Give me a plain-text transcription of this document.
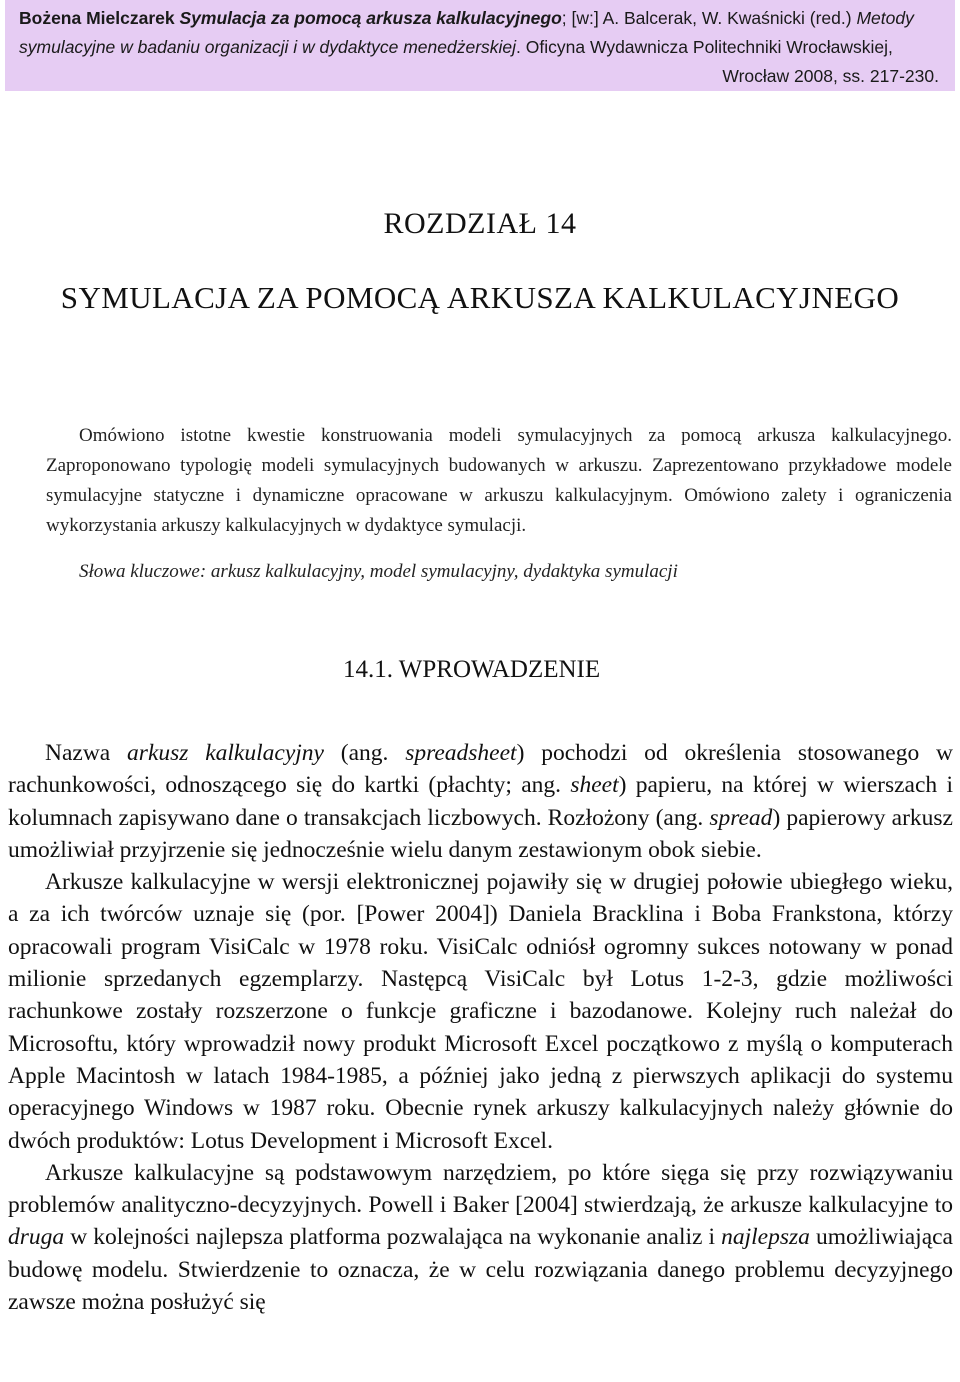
Bożena Mielczarek Symulacja za pomocą arkusza kalkulacyjnego; [w:] A. Balcerak, W. Kwaśnicki (red.) Metody
symulacyjne w badaniu organizacji i w dydaktyce menedżerskiej. Oficyna Wydawnicza Politechniki Wrocławskiej,
Wrocław 2008, ss. 217-230.
ROZDZIAŁ 14
SYMULACJA ZA POMOCĄ ARKUSZA KALKULACYJNEGO

Omówiono istotne kwestie konstruowania modeli symulacyjnych za pomocą arkusza kalkulacyjnego. Zaproponowano typologię modeli symulacyjnych budowanych w arkuszu. Zaprezentowano przykładowe modele symulacyjne statyczne i dynamiczne opracowane w arkuszu kalkulacyjnym. Omówiono zalety i ograniczenia wykorzystania arkuszy kalkulacyjnych w dydaktyce symulacji.

Słowa kluczowe: arkusz kalkulacyjny, model symulacyjny, dydaktyka symulacji
14.1. WPROWADZENIE

Nazwa arkusz kalkulacyjny (ang. spreadsheet) pochodzi od określenia stosowanego w rachunkowości, odnoszącego się do kartki (płachty; ang. sheet) papieru, na której w wierszach i kolumnach zapisywano dane o transakcjach liczbowych. Rozłożony (ang. spread) papierowy arkusz umożliwiał przyjrzenie się jednocześnie wielu danym zestawionym obok siebie.

Arkusze kalkulacyjne w wersji elektronicznej pojawiły się w drugiej połowie ubiegłego wieku, a za ich twórców uznaje się (por. [Power 2004]) Daniela Bracklina i Boba Frankstona, którzy opracowali program VisiCalc w 1978 roku. VisiCalc odniósł ogromny sukces notowany w ponad milionie sprzedanych egzemplarzy. Następcą VisiCalc był Lotus 1-2-3, gdzie możliwości rachunkowe zostały rozszerzone o funkcje graficzne i bazodanowe. Kolejny ruch należał do Microsoftu, który wprowadził nowy produkt Microsoft Excel początkowo z myślą o komputerach Apple Macintosh w latach 1984-1985, a później jako jedną z pierwszych aplikacji do systemu operacyjnego Windows w 1987 roku. Obecnie rynek arkuszy kalkulacyjnych należy głównie do dwóch produktów: Lotus Development i Microsoft Excel.

Arkusze kalkulacyjne są podstawowym narzędziem, po które sięga się przy rozwiązywaniu problemów analityczno-decyzyjnych. Powell i Baker [2004] stwierdzają, że arkusze kalkulacyjne to druga w kolejności najlepsza platforma pozwalająca na wykonanie analiz i najlepsza umożliwiająca budowę modelu. Stwierdzenie to oznacza, że w celu rozwiązania danego problemu decyzyjnego zawsze można posłużyć się
